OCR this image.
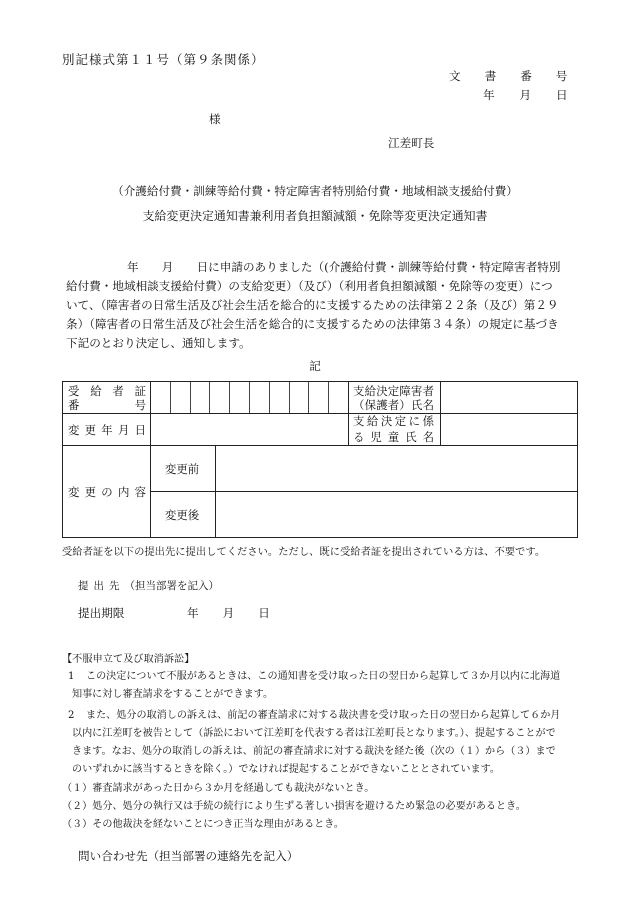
別記様式第１１号（第９条関係）
文書番号
年月日
様
江差町長
（介護給付費・訓練等給付費・特定障害者特別給付費・地域相談支援給付費）
支給変更決定通知書兼利用者負担額減額・免除等変更決定通知書
年　　月　　日に申請のありました（(介護給付費・訓練等給付費・特定障害者特別
給付費・地域相談支援給付費）の支給変更）（及び）（利用者負担額減額・免除等の変更）につ
いて、（障害者の日常生活及び社会生活を総合的に支援するための法律第２２条（及び）第２９
条）（障害者の日常生活及び社会生活を総合的に支援するための法律第３４条）の規定に基づき
下記のとおり決定し、通知します。
記
受給者証
番号			支給決定障害者
（保護者）氏名	

変更年月日			支給決定に係
る児童氏名	

変更の内容	変更前			
	変更後			
受給者証を以下の提出先に提出してください。ただし、既に受給者証を提出されている方は、不要です。
提出先（担当部署を記入）
提出期限	年月日
【不服申立て及び取消訴訟】
1	この決定について不服があるときは、この通知書を受け取った日の翌日から起算して３か月以内に北海道
知事に対し審査請求をすることができます。
2	また、処分の取消しの訴えは、前記の審査請求に対する裁決書を受け取った日の翌日から起算して６か月
以内に江差町を被告として（訴訟において江差町を代表する者は江差町長となります。）、提起することがで
きます。なお、処分の取消しの訴えは、前記の審査請求に対する裁決を経た後（次の（１）から（３）まで
のいずれかに該当するときを除く。）でなければ提起することができないこととされています。
（１）審査請求があった日から３か月を経過しても裁決がないとき。
（２）処分、処分の執行又は手続の続行により生ずる著しい損害を避けるため緊急の必要があるとき。
（３）その他裁決を経ないことにつき正当な理由があるとき。
問い合わせ先（担当部署の連絡先を記入）
